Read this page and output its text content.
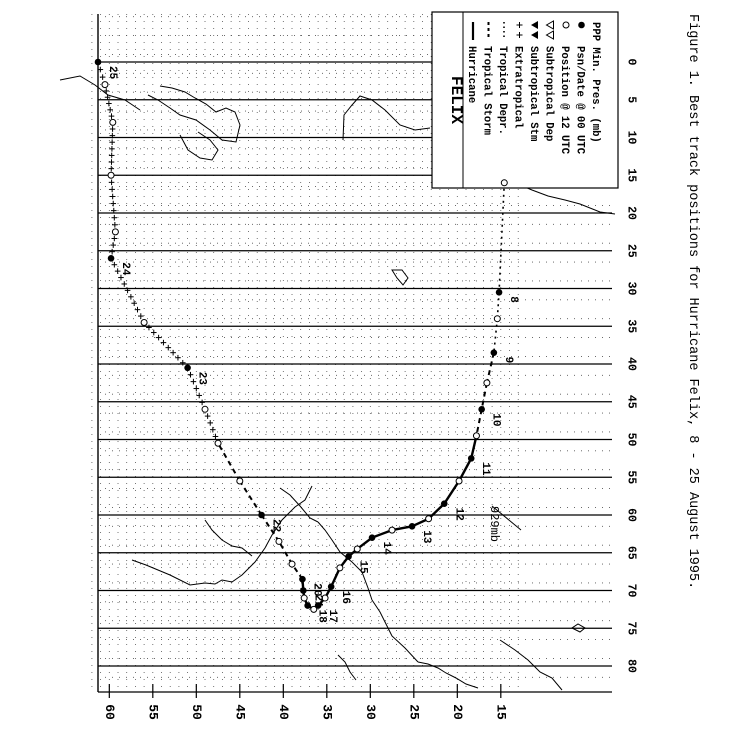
FELIX Hurricane Tropical Storm Tropical Depr. Extratropical Subtropical Stm Subtropical Dep Position @ 12 UTC Psn/Date @ 00 UTC PPP Min. Pres. (mb)
8
9
10
11
12
13
14
15
16
17
18
21
20
22
23
24
25
929mb
60 55 50 45 40 35 30 25 20 15
0
5
10
15
20
25
30
35
40
45
50
55
60
65
70
75
80
Figure 1. Best track positions for Hurricane Felix, 8 - 25 August 1995.
